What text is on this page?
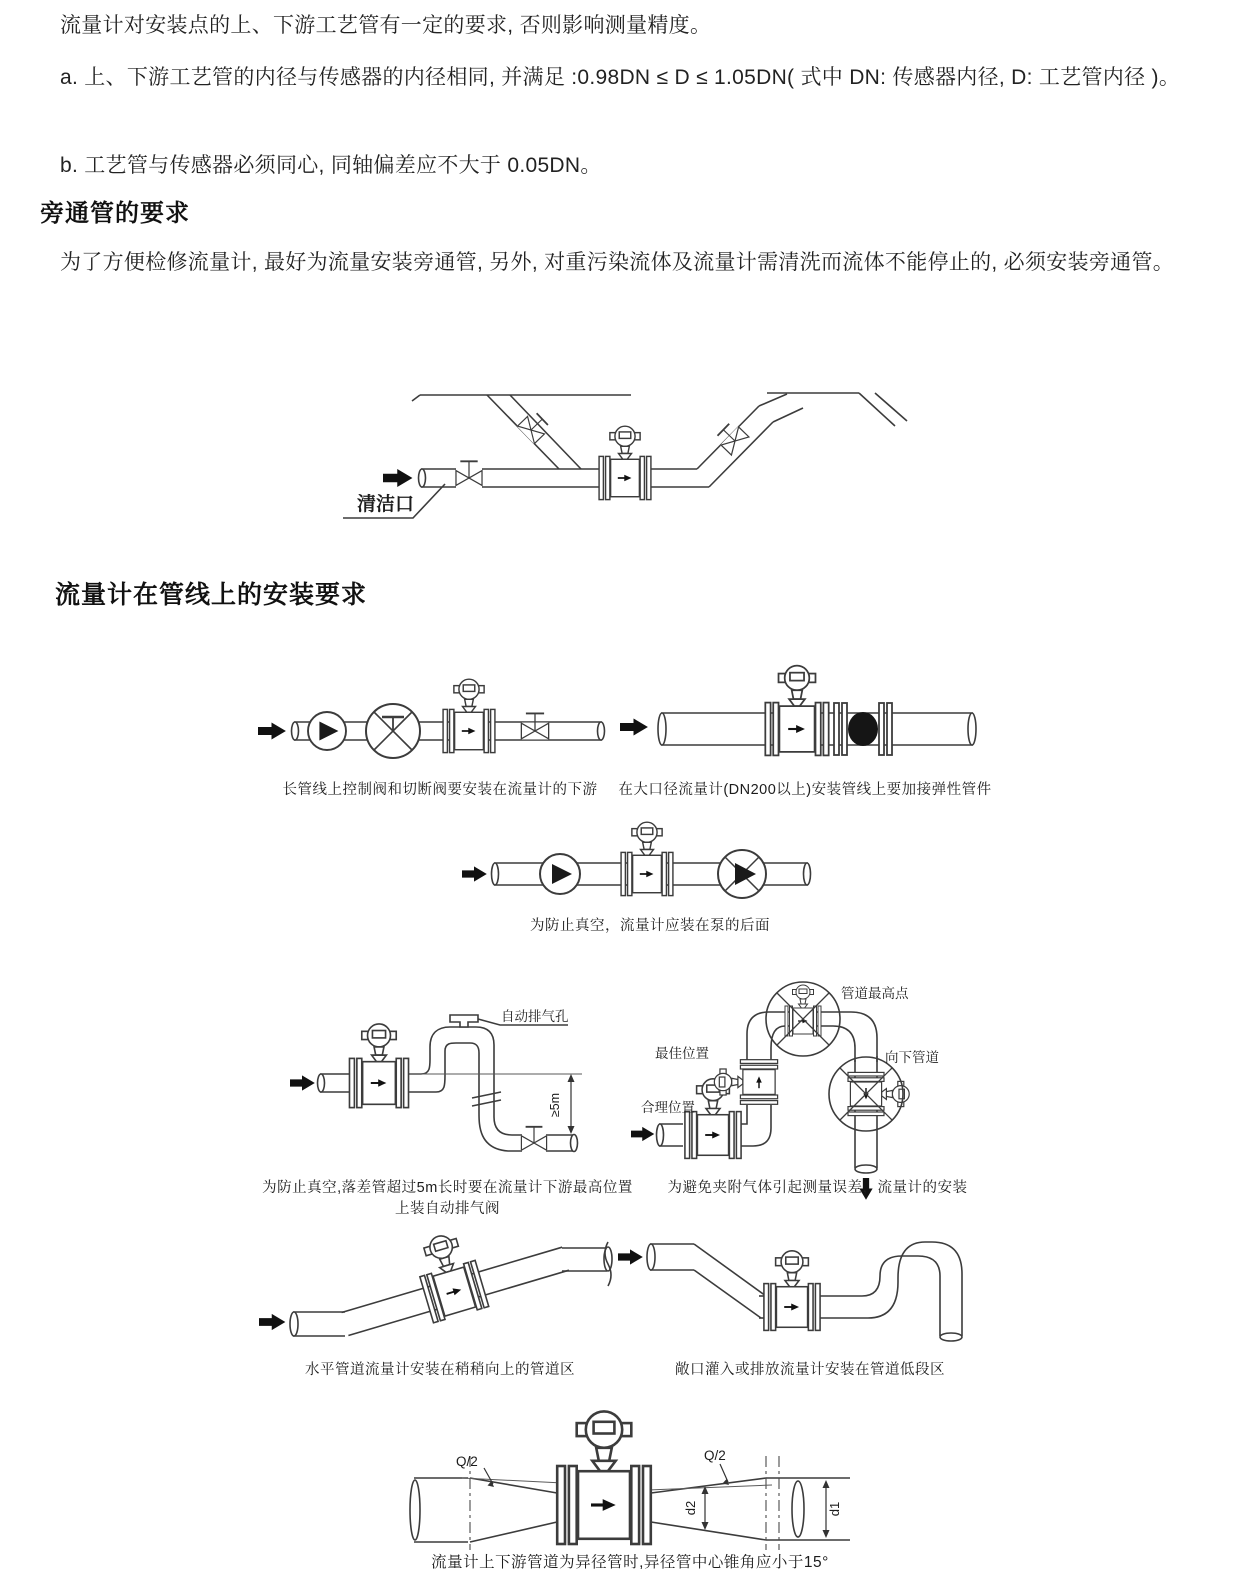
流量计对安装点的上、下游工艺管有一定的要求, 否则影响测量精度。

a. 上、下游工艺管的内径与传感器的内径相同, 并满足 :0.98DN ≤ D ≤ 1.05DN( 式中 DN: 传感器内径, D: 工艺管内径 )。

b. 工艺管与传感器必须同心, 同轴偏差应不大于 0.05DN。

旁通管的要求

为了方便检修流量计, 最好为流量安装旁通管, 另外, 对重污染流体及流量计需清洗而流体不能停止的, 必须安装旁通管。

清洁口
流量计在管线上的安装要求
长管线上控制阀和切断阀要安装在流量计的下游	在大口径流量计(DN200以上)安装管线上要加接弹性管件
为防止真空，流量计应装在泵的后面
自动排气孔
≥5m
管道最高点
最佳位置	向下管道
合理位置
为防止真空,落差管超过5m长时要在流量计下游最高位置上装自动排气阀
为避免夹附气体引起测量误差，流量计的安装
水平管道流量计安装在稍稍向上的管道区	敞口灌入或排放流量计安装在管道低段区
Q/2	Q/2
d2	d1
流量计上下游管道为异径管时,异径管中心锥角应小于15°
